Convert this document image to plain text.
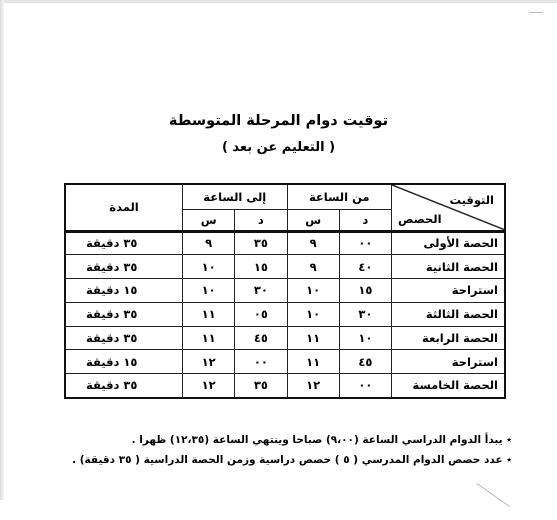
توقيت دوام المرحلة المتوسطة
( التعليم عن بعد )
التوقيت
الحصص	من الساعة		إلى الساعة		المدة
	د	س	د	س	
الحصة الأولى	٠٠	٩	٣٥	٩	٣٥ دقيقة
الحصة الثانية	٤٠	٩	١٥	١٠	٣٥ دقيقة
استراحة	١٥	١٠	٣٠	١٠	١٥ دقيقة
الحصة الثالثة	٣٠	١٠	٠٥	١١	٣٥ دقيقة
الحصة الرابعة	١٠	١١	٤٥	١١	٣٥ دقيقة
استراحة	٤٥	١١	٠٠	١٢	١٥ دقيقة
الحصة الخامسة	٠٠	١٢	٣٥	١٢	٣٥ دقيقة
٭ يبدأ الدوام الدراسي الساعة (٩،٠٠) صباحا وينتهي الساعة (١٢،٣٥) ظهرا .
٭ عدد حصص الدوام المدرسي ( ٥ ) حصص دراسية وزمن الحصة الدراسية ( ٣٥ دقيقة) .
